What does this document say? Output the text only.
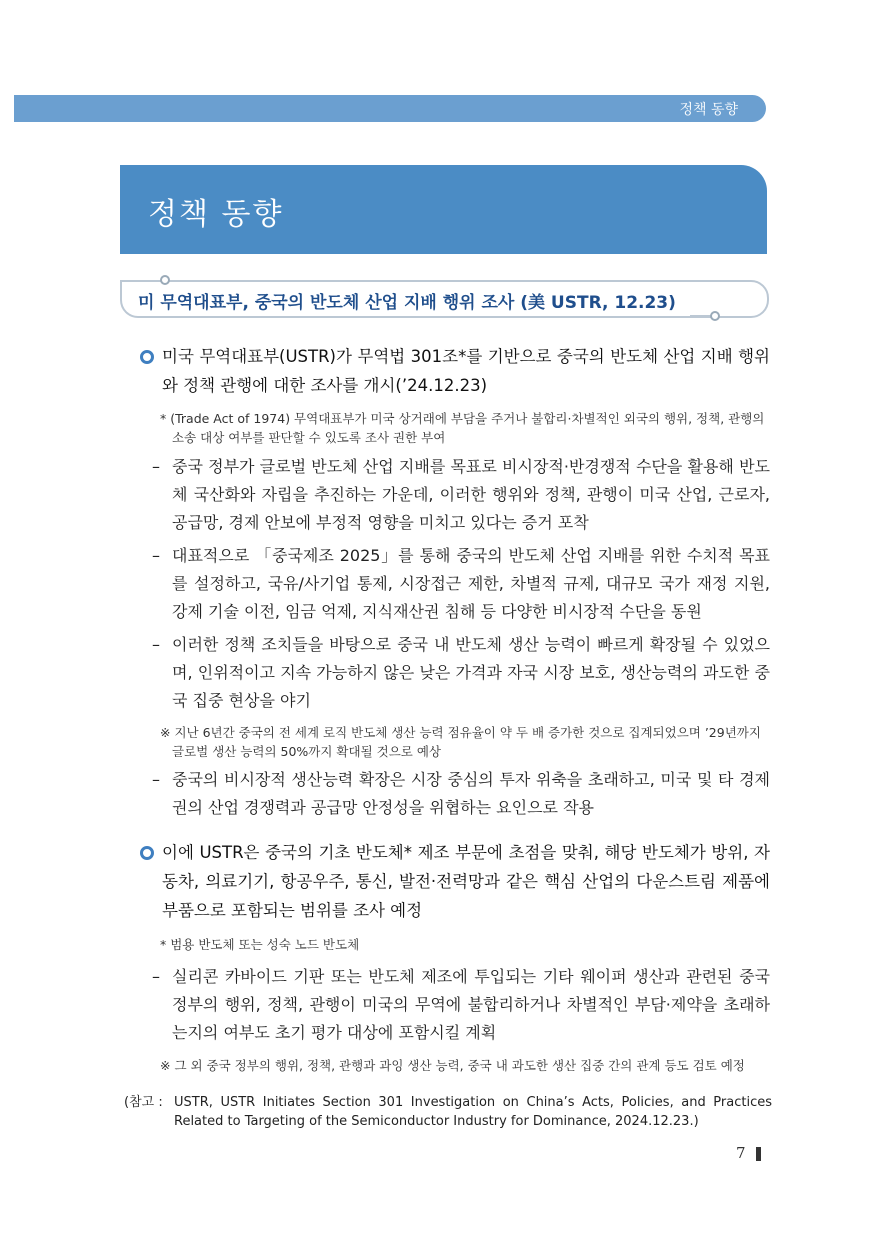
정책 동향
정책 동향
미 무역대표부, 중국의 반도체 산업 지배 행위 조사 (美 USTR, 12.23)
미국 무역대표부(USTR)가 무역법 301조*를 기반으로 중국의 반도체 산업 지배 행위와 정책 관행에 대한 조사를 개시(’24.12.23)
* (Trade Act of 1974) 무역대표부가 미국 상거래에 부담을 주거나 불합리·차별적인 외국의 행위, 정책, 관행의 소송 대상 여부를 판단할 수 있도록 조사 권한 부여
– 중국 정부가 글로벌 반도체 산업 지배를 목표로 비시장적·반경쟁적 수단을 활용해 반도체 국산화와 자립을 추진하는 가운데, 이러한 행위와 정책, 관행이 미국 산업, 근로자, 공급망, 경제 안보에 부정적 영향을 미치고 있다는 증거 포착
– 대표적으로 「중국제조 2025」를 통해 중국의 반도체 산업 지배를 위한 수치적 목표를 설정하고, 국유/사기업 통제, 시장접근 제한, 차별적 규제, 대규모 국가 재정 지원, 강제 기술 이전, 임금 억제, 지식재산권 침해 등 다양한 비시장적 수단을 동원
– 이러한 정책 조치들을 바탕으로 중국 내 반도체 생산 능력이 빠르게 확장될 수 있었으며, 인위적이고 지속 가능하지 않은 낮은 가격과 자국 시장 보호, 생산능력의 과도한 중국 집중 현상을 야기
※ 지난 6년간 중국의 전 세계 로직 반도체 생산 능력 점유율이 약 두 배 증가한 것으로 집계되었으며 ’29년까지 글로벌 생산 능력의 50%까지 확대될 것으로 예상
– 중국의 비시장적 생산능력 확장은 시장 중심의 투자 위축을 초래하고, 미국 및 타 경제권의 산업 경쟁력과 공급망 안정성을 위협하는 요인으로 작용
이에 USTR은 중국의 기초 반도체* 제조 부문에 초점을 맞춰, 해당 반도체가 방위, 자동차, 의료기기, 항공우주, 통신, 발전·전력망과 같은 핵심 산업의 다운스트림 제품에 부품으로 포함되는 범위를 조사 예정
* 범용 반도체 또는 성숙 노드 반도체
– 실리콘 카바이드 기판 또는 반도체 제조에 투입되는 기타 웨이퍼 생산과 관련된 중국 정부의 행위, 정책, 관행이 미국의 무역에 불합리하거나 차별적인 부담·제약을 초래하는지의 여부도 초기 평가 대상에 포함시킬 계획
※ 그 외 중국 정부의 행위, 정책, 관행과 과잉 생산 능력, 중국 내 과도한 생산 집중 간의 관계 등도 검토 예정
(참고 : USTR, USTR Initiates Section 301 Investigation on China’s Acts, Policies, and Practices Related to Targeting of the Semiconductor Industry for Dominance, 2024.12.23.)
7
